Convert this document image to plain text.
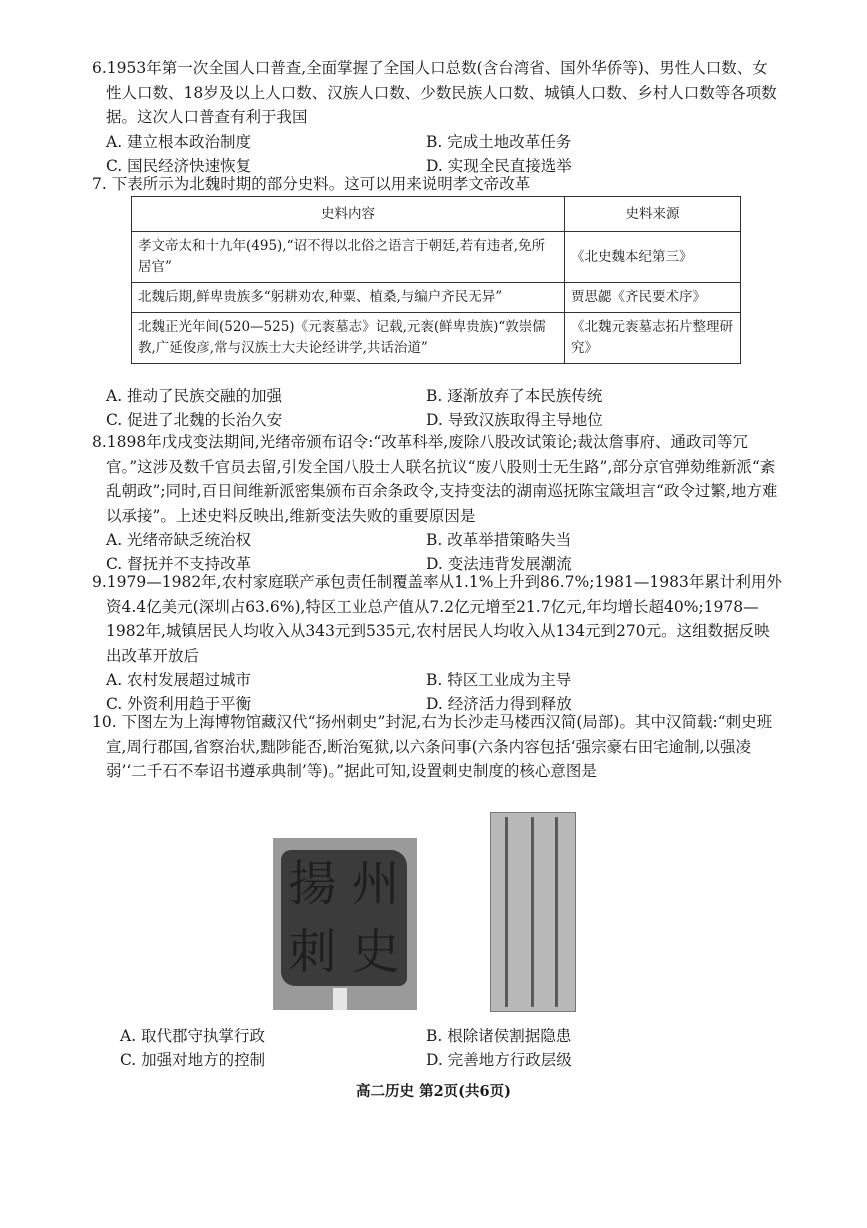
6.1953年第一次全国人口普查,全面掌握了全国人口总数(含台湾省、国外华侨等)、男性人口数、女性人口数、18岁及以上人口数、汉族人口数、少数民族人口数、城镇人口数、乡村人口数等各项数据。这次人口普查有利于我国

A. 建立根本政治制度	B. 完成土地改革任务
C. 国民经济快速恢复	D. 实现全民直接选举

7. 下表所示为北魏时期的部分史料。这可以用来说明孝文帝改革

史料内容	史料来源
孝文帝太和十九年(495),“诏不得以北俗之语言于朝廷,若有违者,免所居官”	《北史魏本纪第三》
北魏后期,鲜卑贵族多“躬耕劝农,种粟、植桑,与编户齐民无异”	贾思勰《齐民要术序》
北魏正光年间(520—525)《元袠墓志》记载,元袠(鲜卑贵族)“敦崇儒教,广延俊彦,常与汉族士大夫论经讲学,共话治道”	《北魏元袠墓志拓片整理研究》
A. 推动了民族交融的加强	B. 逐渐放弃了本民族传统
C. 促进了北魏的长治久安	D. 导致汉族取得主导地位

8.1898年戊戌变法期间,光绪帝颁布诏令:“改革科举,废除八股改试策论;裁汰詹事府、通政司等冗官。”这涉及数千官员去留,引发全国八股士人联名抗议“废八股则士无生路”,部分京官弹劾维新派“紊乱朝政”;同时,百日间维新派密集颁布百余条政令,支持变法的湖南巡抚陈宝箴坦言“政令过繁,地方难以承接”。上述史料反映出,维新变法失败的重要原因是

A. 光绪帝缺乏统治权	B. 改革举措策略失当
C. 督抚并不支持改革	D. 变法违背发展潮流

9.1979—1982年,农村家庭联产承包责任制覆盖率从1.1%上升到86.7%;1981—1983年累计利用外资4.4亿美元(深圳占63.6%),特区工业总产值从7.2亿元增至21.7亿元,年均增长超40%;1978—1982年,城镇居民人均收入从343元到535元,农村居民人均收入从134元到270元。这组数据反映出改革开放后

A. 农村发展超过城市	B. 特区工业成为主导
C. 外资利用趋于平衡	D. 经济活力得到释放

10. 下图左为上海博物馆藏汉代“扬州刺史”封泥,右为长沙走马楼西汉简(局部)。其中汉简载:“刺史班宣,周行郡国,省察治状,黜陟能否,断治冤狱,以六条问事(六条内容包括‘强宗豪右田宅逾制,以强凌弱’‘二千石不奉诏书遵承典制’等)。”据此可知,设置刺史制度的核心意图是

揚 州
刺 史
A. 取代郡守执掌行政	B. 根除诸侯割据隐患
C. 加强对地方的控制	D. 完善地方行政层级
高二历史 第2页(共6页)
